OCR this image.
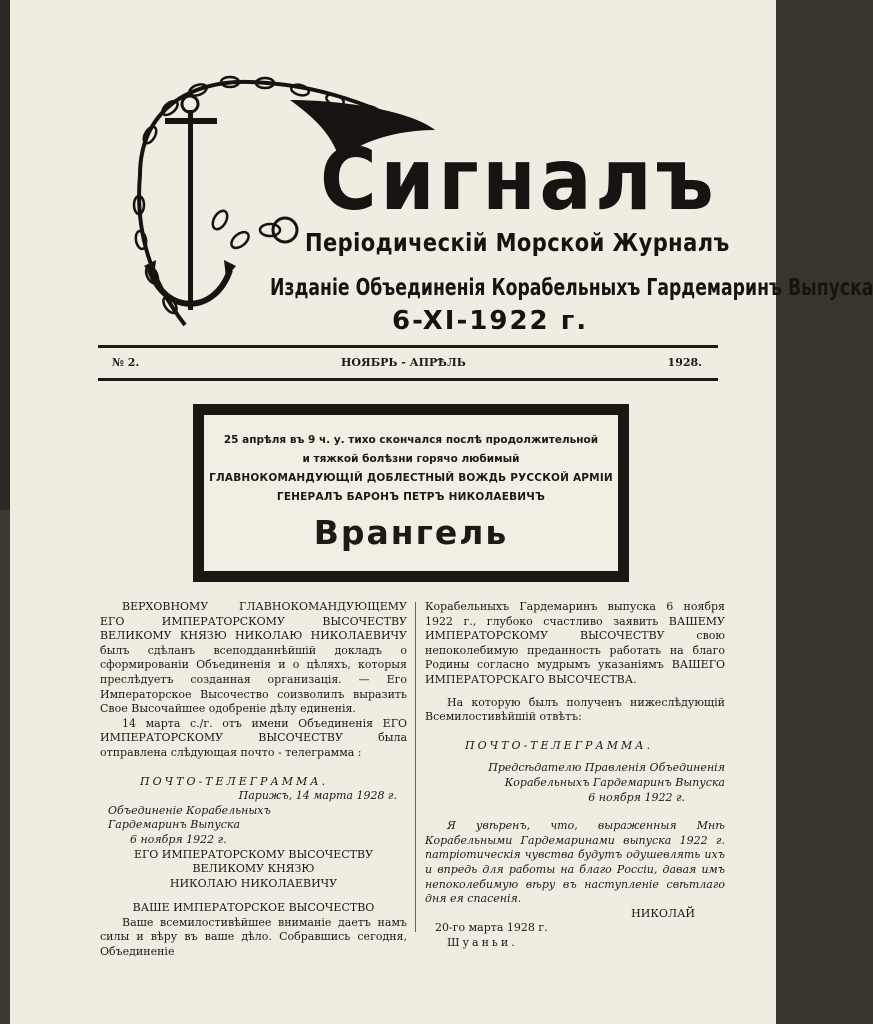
Сигналъ
Періодическій Морской Журналъ
Изданіе Объединенія Корабельныхъ Гардемаринъ Выпуска
6-XI-1922 г.
№ 2.	НОЯБРЬ - АПРѢЛЬ	1928.
25 апрѣля въ 9 ч. у. тихо скончался послѣ продолжительной
и тяжкой болѣзни горячо любимый
ГЛАВНОКОМАНДУЮЩІЙ ДОБЛЕСТНЫЙ ВОЖДЬ РУССКОЙ АРМІИ
ГЕНЕРАЛЪ БАРОНЪ ПЕТРЪ НИКОЛАЕВИЧЪ
Врангель

ВЕРХОВНОМУ ГЛАВНОКОМАНДУЮЩЕМУ ЕГО ИМПЕРАТОРСКОМУ ВЫСОЧЕСТВУ ВЕЛИКОМУ КНЯЗЮ НИКОЛАЮ НИКОЛАЕВИЧУ былъ сдѣланъ всеподданнѣйшій докладъ о сформированіи Объединенія и о цѣляхъ, которыя преслѣдуетъ созданная организація. — Его Императорское Высочество соизволилъ выразить Свое Высочайшее одобреніе дѣлу единенія.

14 марта с./г. отъ имени Объединенія ЕГО ИМПЕРАТОРСКОМУ ВЫСОЧЕСТВУ была отправлена слѣдующая почто - телеграмма :

ПОЧТО-ТЕЛЕГРАММА.

Парижъ, 14 марта 1928 г.

Объединеніе Корабельныхъ

Гардемаринъ Выпуска

6 ноября 1922 г.

ЕГО ИМПЕРАТОРСКОМУ ВЫСОЧЕСТВУ

ВЕЛИКОМУ КНЯЗЮ

НИКОЛАЮ НИКОЛАЕВИЧУ

ВАШЕ ИМПЕРАТОРСКОЕ ВЫСОЧЕСТВО

Ваше всемилостивѣйшее вниманіе даетъ намъ силы и вѣру въ ваше дѣло. Собравшись сегодня, Объединеніе

Корабельныхъ Гардемаринъ выпуска 6 ноября 1922 г., глубоко счастливо заявить ВАШЕМУ ИМПЕРАТОРСКОМУ ВЫСОЧЕСТВУ свою непоколебимую преданность работать на благо Родины согласно мудрымъ указаніямъ ВАШЕГО ИМПЕРАТОРСКАГО ВЫСОЧЕСТВА.

На которую былъ полученъ нижеслѣдующій Всемилостивѣйшій отвѣтъ:

ПОЧТО-ТЕЛЕГРАММА.

Предсѣдателю Правленія Объединенія

Корабельныхъ Гардемаринъ Выпуска

6 ноября 1922 г.

Я увѣренъ, что, выраженныя Мнѣ Корабельными Гардемаринами выпуска 1922 г. патріотическія чувства будутъ одушевлять ихъ и впредь для работы на благо Россіи, давая имъ непоколебимую вѣру въ наступленіе свѣтлаго дня ея спасенія.

НИКОЛАЙ

20-го марта 1928 г.

Шуаньи.
